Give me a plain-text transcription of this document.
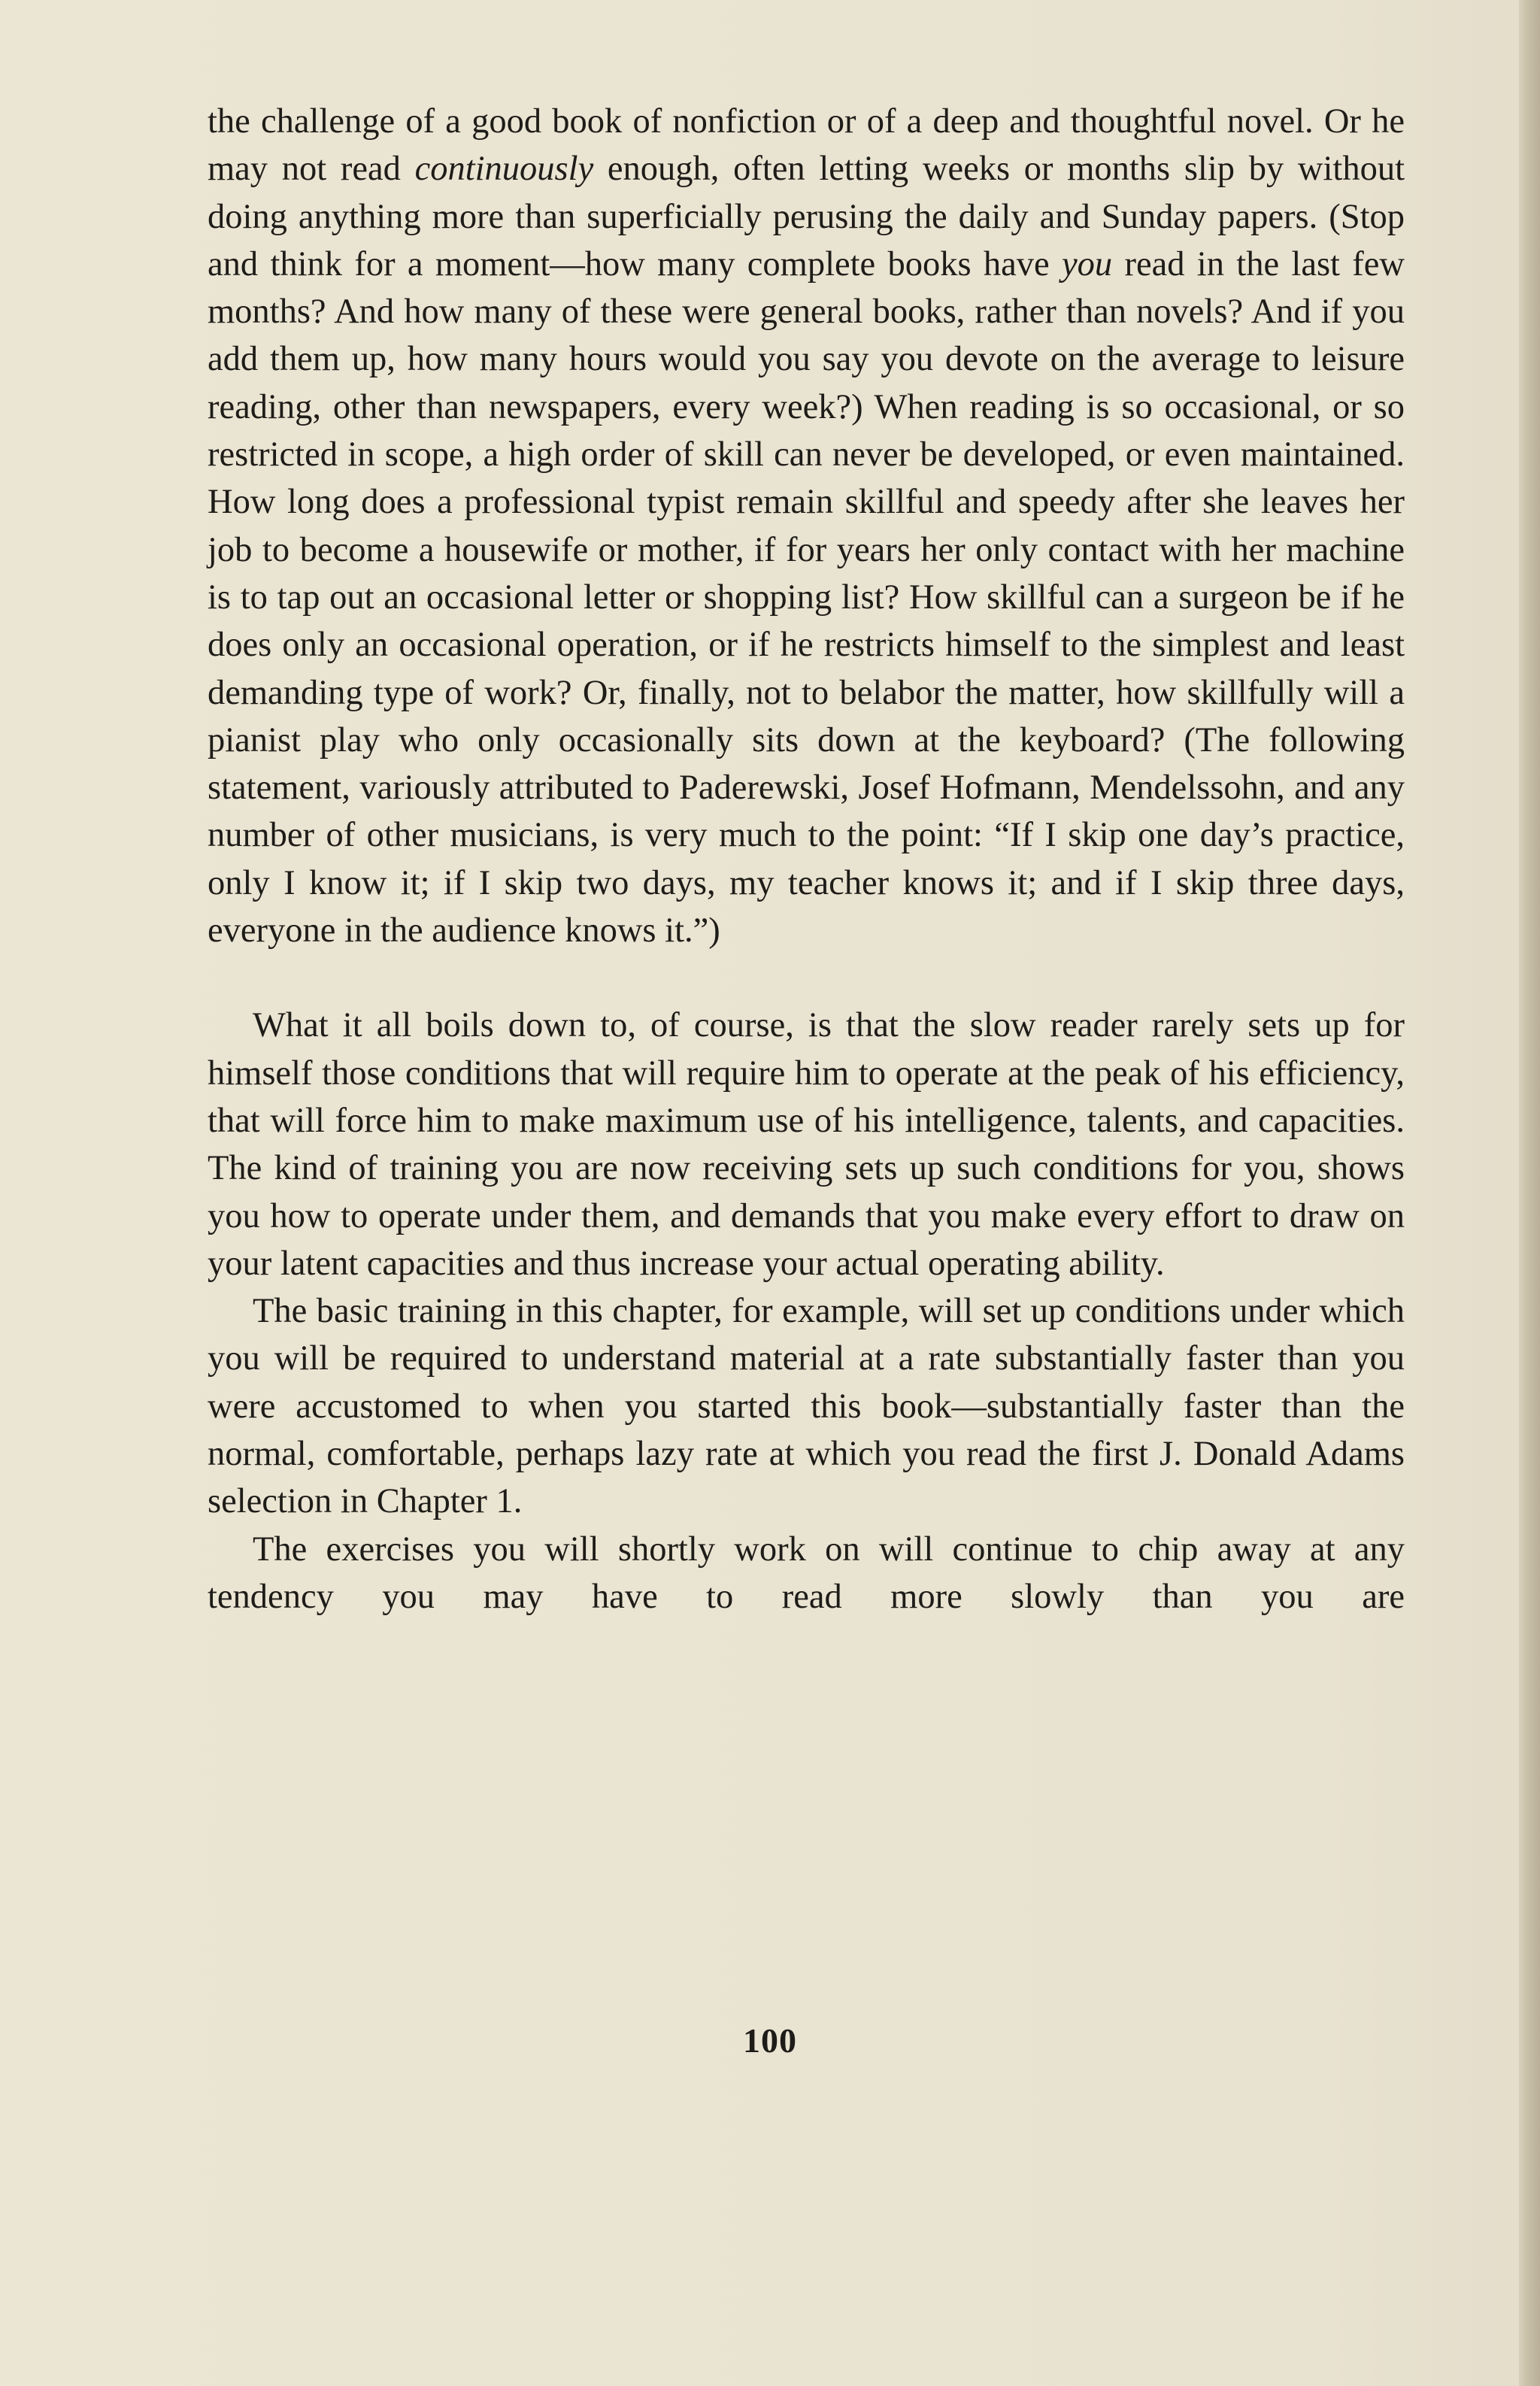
the challenge of a good book of nonfiction or of a deep and thoughtful novel. Or he may not read continuously enough, often letting weeks or months slip by without doing anything more than superficially perusing the daily and Sunday papers. (Stop and think for a moment—how many complete books have you read in the last few months? And how many of these were general books, rather than novels? And if you add them up, how many hours would you say you devote on the average to leisure reading, other than newspapers, every week?) When reading is so occasional, or so restricted in scope, a high order of skill can never be developed, or even maintained. How long does a professional typist remain skillful and speedy after she leaves her job to become a housewife or mother, if for years her only contact with her machine is to tap out an occasional letter or shopping list? How skillful can a surgeon be if he does only an occasional operation, or if he restricts himself to the simplest and least demanding type of work? Or, finally, not to belabor the matter, how skillfully will a pianist play who only occasionally sits down at the keyboard? (The following statement, variously attributed to Paderewski, Josef Hofmann, Mendelssohn, and any number of other musicians, is very much to the point: “If I skip one day’s practice, only I know it; if I skip two days, my teacher knows it; and if I skip three days, everyone in the audience knows it.”)

What it all boils down to, of course, is that the slow reader rarely sets up for himself those conditions that will require him to operate at the peak of his efficiency, that will force him to make maximum use of his intelligence, talents, and capacities. The kind of training you are now receiving sets up such conditions for you, shows you how to operate under them, and demands that you make every effort to draw on your latent capacities and thus increase your actual operating ability.

The basic training in this chapter, for example, will set up conditions under which you will be required to understand material at a rate substantially faster than you were accustomed to when you started this book—substantially faster than the normal, comfortable, perhaps lazy rate at which you read the first J. Donald Adams selection in Chapter 1.

The exercises you will shortly work on will continue to chip away at any tendency you may have to read more slowly than you are

100
